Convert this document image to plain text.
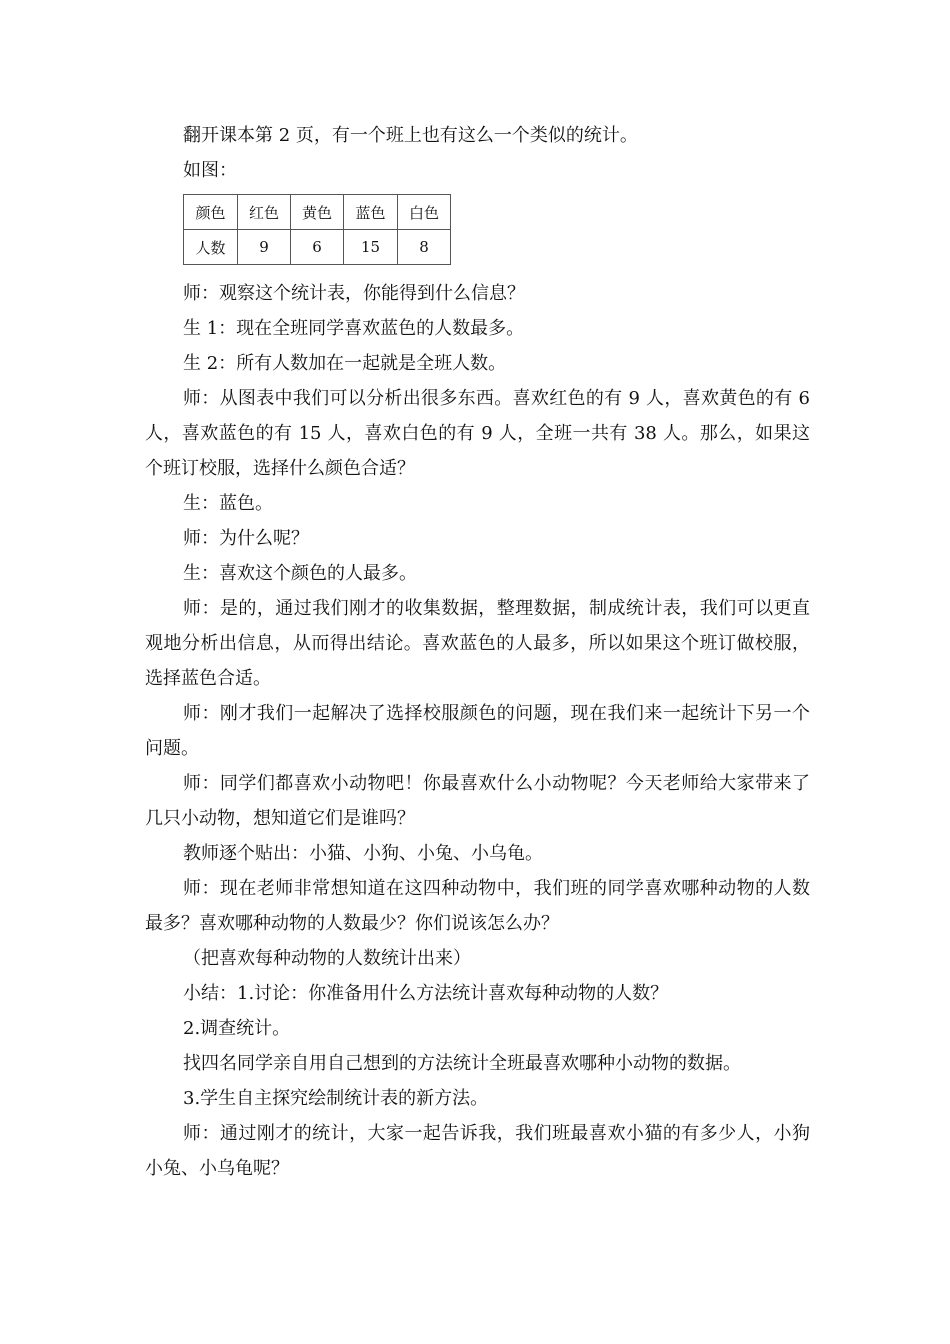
翻开课本第 2 页，有一个班上也有这么一个类似的统计。

如图：

颜色	红色	黄色	蓝色	白色
人数	9	6	15	8

师：观察这个统计表，你能得到什么信息？

生 1：现在全班同学喜欢蓝色的人数最多。

生 2：所有人数加在一起就是全班人数。

师：从图表中我们可以分析出很多东西。喜欢红色的有 9 人，喜欢黄色的有 6 人，喜欢蓝色的有 15 人，喜欢白色的有 9 人，全班一共有 38 人。那么，如果这个班订校服，选择什么颜色合适？

生：蓝色。

师：为什么呢？

生：喜欢这个颜色的人最多。

师：是的，通过我们刚才的收集数据，整理数据，制成统计表，我们可以更直观地分析出信息，从而得出结论。喜欢蓝色的人最多，所以如果这个班订做校服，选择蓝色合适。

师：刚才我们一起解决了选择校服颜色的问题，现在我们来一起统计下另一个问题。

师：同学们都喜欢小动物吧！你最喜欢什么小动物呢？今天老师给大家带来了几只小动物，想知道它们是谁吗？

教师逐个贴出：小猫、小狗、小兔、小乌龟。

师：现在老师非常想知道在这四种动物中，我们班的同学喜欢哪种动物的人数最多？喜欢哪种动物的人数最少？你们说该怎么办？

（把喜欢每种动物的人数统计出来）

小结：1.讨论：你准备用什么方法统计喜欢每种动物的人数？

2.调查统计。

找四名同学亲自用自己想到的方法统计全班最喜欢哪种小动物的数据。

3.学生自主探究绘制统计表的新方法。

师：通过刚才的统计，大家一起告诉我，我们班最喜欢小猫的有多少人，小狗小兔、小乌龟呢？
